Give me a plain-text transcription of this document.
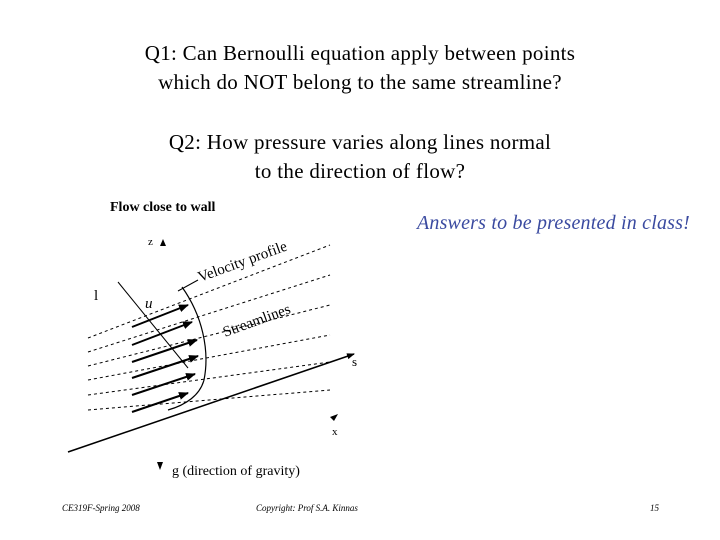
Q1: Can Bernoulli equation apply between points
which do NOT belong to the same streamline?
Q2: How pressure varies along lines normal
to the direction of flow?
Flow close to wall
z
l	u
Velocity profile
Streamlines
s
x
g (direction of gravity)
Answers to be presented in class!
CE319F-Spring 2008	Copyright: Prof S.A. Kinnas	15
